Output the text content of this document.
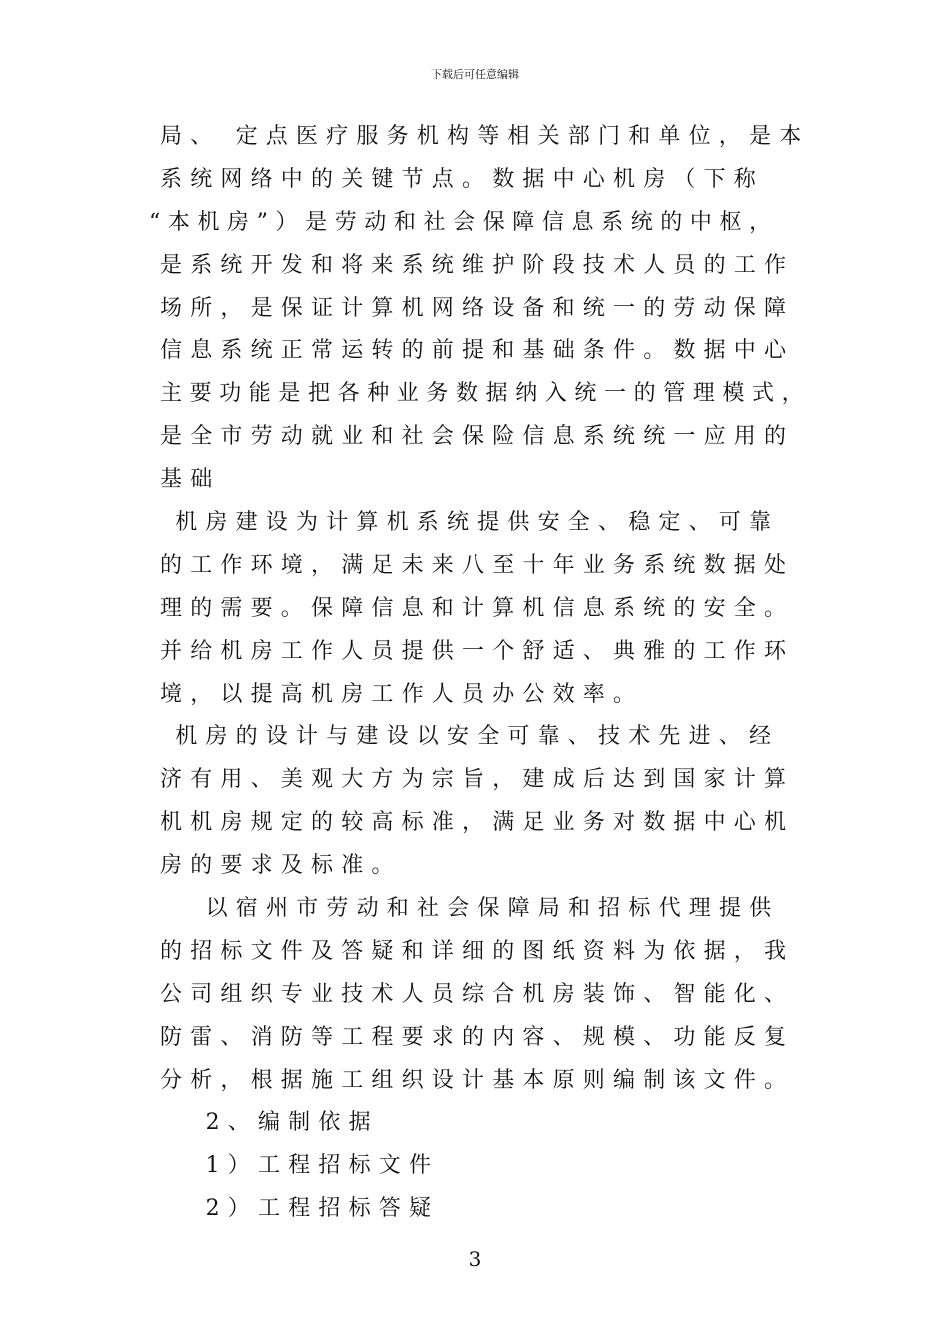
下载后可任意编辑
局、 定点医疗服务机构等相关部门和单位，是本
系统网络中的关键节点。数据中心机房（下称
“本机房”）是劳动和社会保障信息系统的中枢，
是系统开发和将来系统维护阶段技术人员的工作
场所，是保证计算机网络设备和统一的劳动保障
信息系统正常运转的前提和基础条件。数据中心
主要功能是把各种业务数据纳入统一的管理模式，
是全市劳动就业和社会保险信息系统统一应用的
基础
机房建设为计算机系统提供安全、稳定、可靠
的工作环境，满足未来八至十年业务系统数据处
理的需要。保障信息和计算机信息系统的安全。
并给机房工作人员提供一个舒适、典雅的工作环
境，以提高机房工作人员办公效率。
机房的设计与建设以安全可靠、技术先进、经
济有用、美观大方为宗旨，建成后达到国家计算
机机房规定的较高标准，满足业务对数据中心机
房的要求及标准。
以宿州市劳动和社会保障局和招标代理提供
的招标文件及答疑和详细的图纸资料为依据，我
公司组织专业技术人员综合机房装饰、智能化、
防雷、消防等工程要求的内容、规模、功能反复
分析，根据施工组织设计基本原则编制该文件。
2、编制依据
1）工程招标文件
2）工程招标答疑
3
